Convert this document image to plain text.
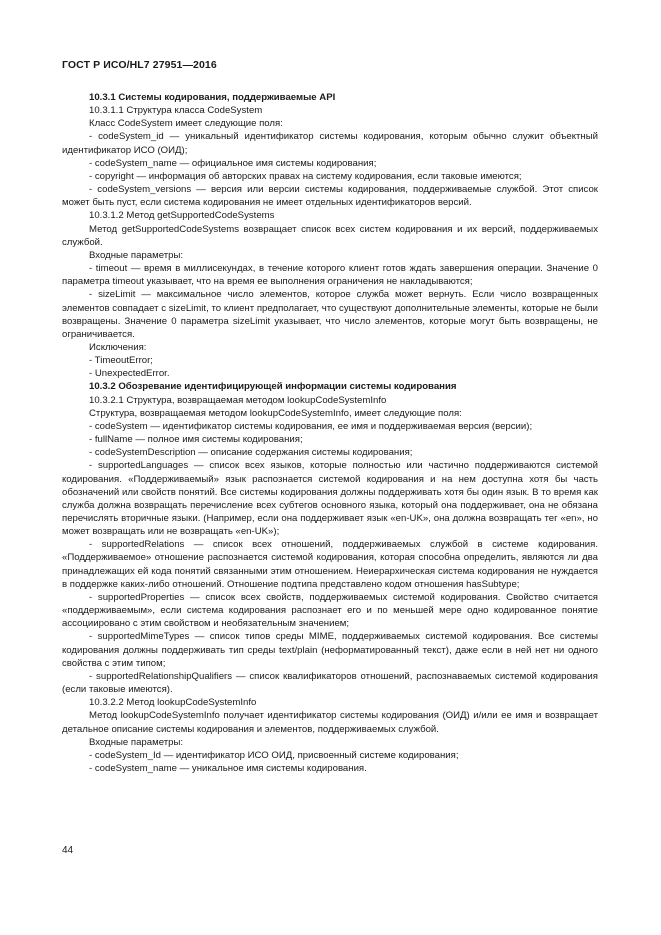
ГОСТ Р ИСО/HL7 27951—2016

10.3.1 Системы кодирования, поддерживаемые API

10.3.1.1 Структура класса CodeSystem

Класс CodeSystem имеет следующие поля:

- codeSystem_id — уникальный идентификатор системы кодирования, которым обычно служит объектный идентификатор ИСО (ОИД);

- codeSystem_name — официальное имя системы кодирования;

- copyright — информация об авторских правах на систему кодирования, если таковые имеются;

- codeSystem_versions — версия или версии системы кодирования, поддерживаемые службой. Этот список может быть пуст, если система кодирования не имеет отдельных идентификаторов версий.

10.3.1.2 Метод getSupportedCodeSystems

Метод getSupportedCodeSystems возвращает список всех систем кодирования и их версий, поддерживаемых службой.

Входные параметры:

- timeout — время в миллисекундах, в течение которого клиент готов ждать завершения операции. Значение 0 параметра timeout указывает, что на время ее выполнения ограничения не накладываются;

- sizeLimit — максимальное число элементов, которое служба может вернуть. Если число возвращенных элементов совпадает с sizeLimit, то клиент предполагает, что существуют дополнительные элементы, которые не были возвращены. Значение 0 параметра sizeLimit указывает, что число элементов, которые могут быть возвращены, не ограничивается.

Исключения:

- TimeoutError;

- UnexpectedError.

10.3.2 Обозревание идентифицирующей информации системы кодирования

10.3.2.1 Структура, возвращаемая методом lookupCodeSystemInfo

Структура, возвращаемая методом lookupCodeSystemInfo, имеет следующие поля:

- codeSystem — идентификатор системы кодирования, ее имя и поддерживаемая версия (версии);

- fullName — полное имя системы кодирования;

- codeSystemDescription — описание содержания системы кодирования;

- supportedLanguages — список всех языков, которые полностью или частично поддерживаются системой кодирования. «Поддерживаемый» язык распознается системой кодирования и на нем доступна хотя бы часть обозначений или свойств понятий. Все системы кодирования должны поддерживать хотя бы один язык. В то время как служба должна возвращать перечисление всех субтегов основного языка, который она поддерживает, она не обязана перечислять вторичные языки. (Например, если она поддерживает язык «en-UK», она должна возвращать тег «en», но может возвращать или не возвращать «en-UK»);

- supportedRelations — список всех отношений, поддерживаемых службой в системе кодирования. «Поддерживаемое» отношение распознается системой кодирования, которая способна определить, являются ли два принадлежащих ей кода понятий связанными этим отношением. Неиерархическая система кодирования не нуждается в поддержке каких-либо отношений. Отношение подтипа представлено кодом отношения hasSubtype;

- supportedProperties — список всех свойств, поддерживаемых системой кодирования. Свойство считается «поддерживаемым», если система кодирования распознает его и по меньшей мере одно кодированное понятие ассоциировано с этим свойством и необязательным значением;

- supportedMimeTypes — список типов среды MIME, поддерживаемых системой кодирования. Все системы кодирования должны поддерживать тип среды text/plain (неформатированный текст), даже если в ней нет ни одного свойства с этим типом;

- supportedRelationshipQualifiers — список квалификаторов отношений, распознаваемых системой кодирования (если таковые имеются).

10.3.2.2 Метод lookupCodeSystemInfo

Метод lookupCodeSystemInfo получает идентификатор системы кодирования (ОИД) и/или ее имя и возвращает детальное описание системы кодирования и элементов, поддерживаемых службой.

Входные параметры:

- codeSystem_Id — идентификатор ИСО ОИД, присвоенный системе кодирования;

- codeSystem_name — уникальное имя системы кодирования.

44
